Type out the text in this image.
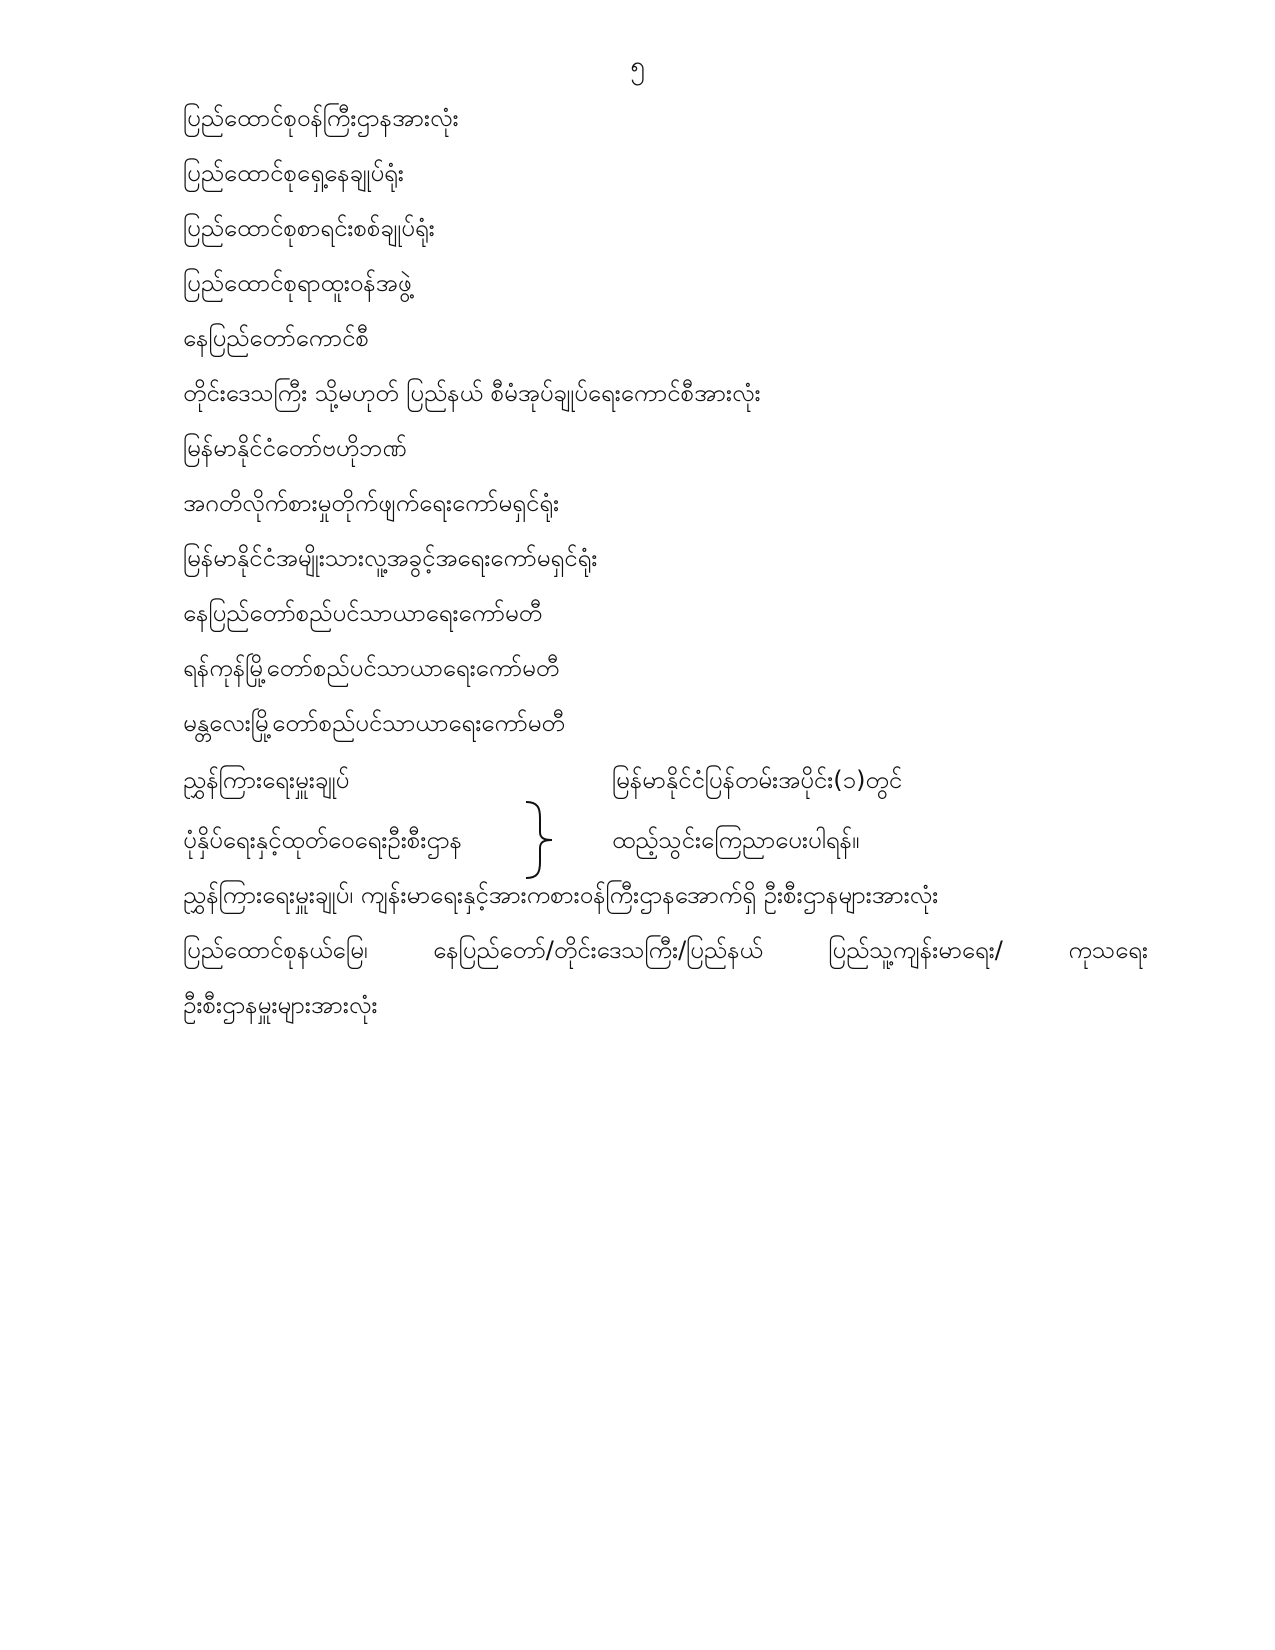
၅
ပြည်ထောင်စုဝန်ကြီးဌာနအားလုံး
ပြည်ထောင်စုရှေ့နေချုပ်ရုံး
ပြည်ထောင်စုစာရင်းစစ်ချုပ်ရုံး
ပြည်ထောင်စုရာထူးဝန်အဖွဲ့
နေပြည်တော်ကောင်စီ
တိုင်းဒေသကြီး သို့မဟုတ် ပြည်နယ် စီမံအုပ်ချုပ်ရေးကောင်စီအားလုံး
မြန်မာနိုင်ငံတော်ဗဟိုဘဏ်
အဂတိလိုက်စားမှုတိုက်ဖျက်ရေးကော်မရှင်ရုံး
မြန်မာနိုင်ငံအမျိုးသားလူ့အခွင့်အရေးကော်မရှင်ရုံး
နေပြည်တော်စည်ပင်သာယာရေးကော်မတီ
ရန်ကုန်မြို့တော်စည်ပင်သာယာရေးကော်မတီ
မန္တလေးမြို့တော်စည်ပင်သာယာရေးကော်မတီ
ညွှန်ကြားရေးမှူးချုပ်
ပုံနှိပ်ရေးနှင့်ထုတ်ဝေရေးဦးစီးဌာန
မြန်မာနိုင်ငံပြန်တမ်းအပိုင်း(၁)တွင်
ထည့်သွင်းကြေညာပေးပါရန်။
ညွှန်ကြားရေးမှူးချုပ်၊ ကျန်းမာရေးနှင့်အားကစားဝန်ကြီးဌာနအောက်ရှိ ဦးစီးဌာနများအားလုံး
ပြည်ထောင်စုနယ်မြေ၊	နေပြည်တော်/တိုင်းဒေသကြီး/ပြည်နယ်	ပြည်သူ့ကျန်းမာရေး/	ကုသရေး
ဦးစီးဌာနမှူးများအားလုံး
